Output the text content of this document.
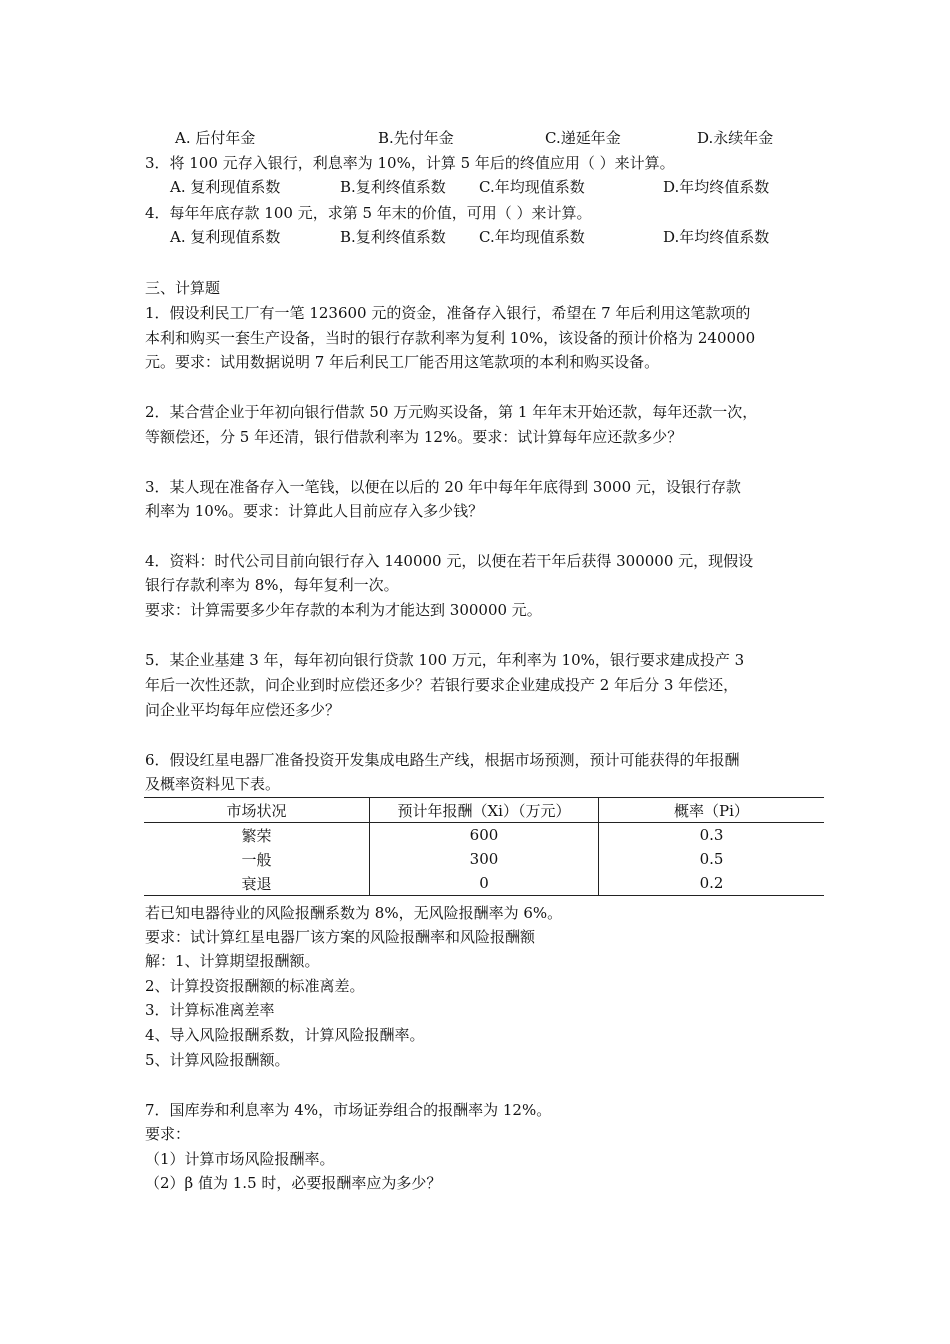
A. 后付年金	B.先付年金	C.递延年金	D.永续年金
3．将 100 元存入银行，利息率为 10%，计算 5 年后的终值应用（ ）来计算。
A. 复利现值系数	B.复利终值系数 C.年均现值系数	D.年均终值系数
4．每年年底存款 100 元，求第 5 年末的价值，可用（ ）来计算。
A. 复利现值系数	B.复利终值系数 C.年均现值系数	D.年均终值系数
三、计算题
1．假设利民工厂有一笔 123600 元的资金，准备存入银行，希望在 7 年后利用这笔款项的
本利和购买一套生产设备，当时的银行存款利率为复利 10%，该设备的预计价格为 240000
元。要求：试用数据说明 7 年后利民工厂能否用这笔款项的本利和购买设备。
2．某合营企业于年初向银行借款 50 万元购买设备，第 1 年年末开始还款，每年还款一次，
等额偿还，分 5 年还清，银行借款利率为 12%。要求：试计算每年应还款多少？
3．某人现在准备存入一笔钱，以便在以后的 20 年中每年年底得到 3000 元，设银行存款
利率为 10%。要求：计算此人目前应存入多少钱？
4．资料：时代公司目前向银行存入 140000 元，以便在若干年后获得 300000 元，现假设
银行存款利率为 8%，每年复利一次。
要求：计算需要多少年存款的本利为才能达到 300000 元。
5．某企业基建 3 年，每年初向银行贷款 100 万元，年利率为 10%，银行要求建成投产 3
年后一次性还款，问企业到时应偿还多少？若银行要求企业建成投产 2 年后分 3 年偿还，
问企业平均每年应偿还多少？
6．假设红星电器厂准备投资开发集成电路生产线，根据市场预测，预计可能获得的年报酬
及概率资料见下表。
市场状况	预计年报酬（Xi）（万元）	概率（Pi）
繁荣	600	0.3
一般	300	0.5
衰退	0	0.2
若已知电器待业的风险报酬系数为 8%，无风险报酬率为 6%。
要求：试计算红星电器厂该方案的风险报酬率和风险报酬额
解：1、计算期望报酬额。
2、计算投资报酬额的标准离差。
3．计算标准离差率
4、导入风险报酬系数，计算风险报酬率。
5、计算风险报酬额。
7．国库券和利息率为 4%，市场证券组合的报酬率为 12%。
要求：
（1）计算市场风险报酬率。
（2）β 值为 1.5 时，必要报酬率应为多少？
